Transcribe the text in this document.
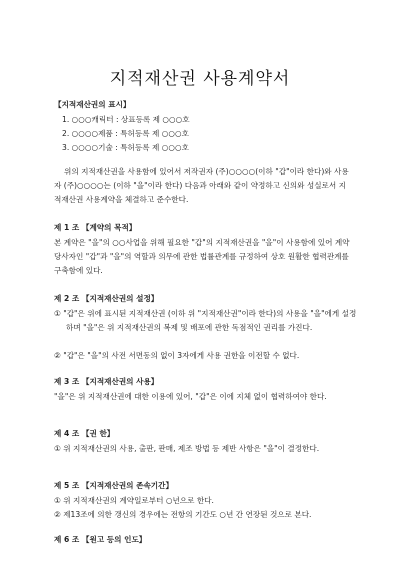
지적재산권 사용계약서
【지적재산권의 표시】
1. ○○○캐릭터 : 상표등록 제 ○○○호
2. ○○○○제품 : 특허등록 제 ○○○호
3. ○○○○기술 : 특허등록 제 ○○○호
위의 지적재산권을 사용함에 있어서 저작권자 (주)○○○○(이하 "갑"이라 한다)와 사용자 (주)○○○○는 (이하 "을"이라 한다) 다음과 아래와 같이 약정하고 신의와 성실로서 지적재산권 사용계약을 체결하고 준수한다.
제 1 조 【계약의 목적】
본 계약은 "을"의 ○○사업을 위해 필요한 "갑"의 지적재산권을 "을"이 사용함에 있어 계약 당사자인 "갑"과 "을"의 역할과 의무에 관한 법률관계를 규정하여 상호 원활한 협력관계를 구축함에 있다.
제 2 조 【지적재산권의 설정】
① "갑"은 위에 표시된 지적재산권 (이하 위 "지적재산권"이라 한다)의 사용을 "을"에게 설정하며 "을"은 위 지적재산권의 복제 및 배포에 관한 독점적인 권리를 가진다.
② "갑"은 "을"의 사전 서면동의 없이 3자에게 사용 권한을 이전할 수 없다.
제 3 조 【지적재산권의 사용】
"을"은 위 지적재산권에 대한 이용에 있어, "갑"은 이에 지체 없이 협력하여야 한다.
제 4 조 【권 한】
① 위 지적재산권의 사용, 출판, 판매, 제조 방법 등 제반 사항은 "을"이 결정한다.
제 5 조 【지적재산권의 존속기간】
① 위 지적재산권의 계약일로부터 ○년으로 한다.
② 제13조에 의한 갱신의 경우에는 전항의 기간도 ○년 간 연장된 것으로 본다.
제 6 조 【원고 등의 인도】
